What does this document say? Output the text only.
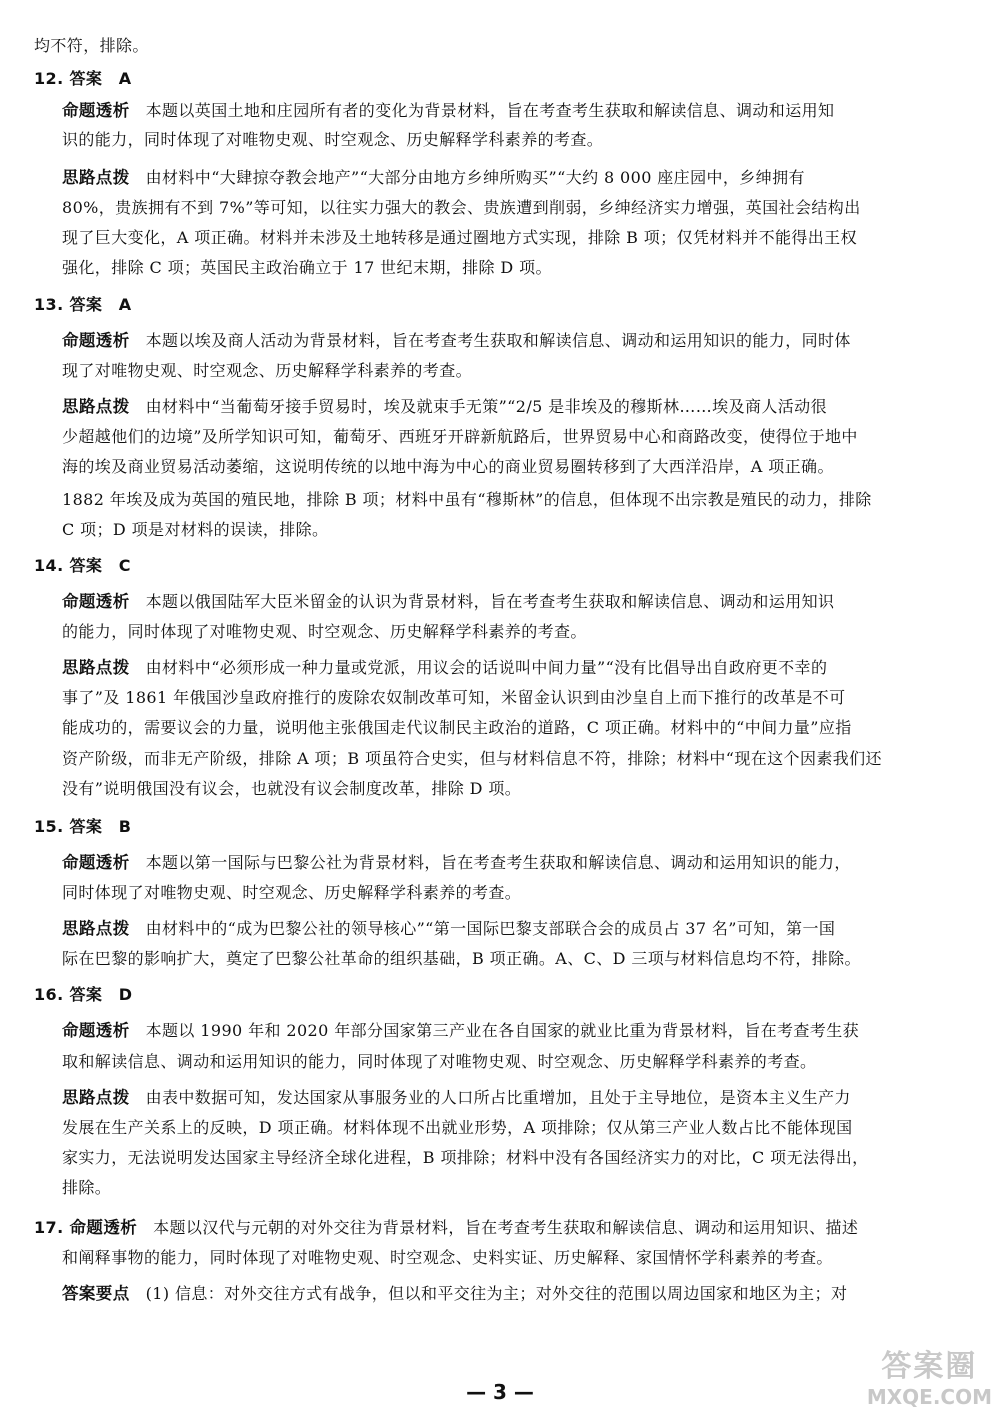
均不符，排除。
12. 答案　A
命题透析 本题以英国土地和庄园所有者的变化为背景材料，旨在考查考生获取和解读信息、调动和运用知
识的能力，同时体现了对唯物史观、时空观念、历史解释学科素养的考查。
思路点拨 由材料中“大肆掠夺教会地产”“大部分由地方乡绅所购买”“大约 8 000 座庄园中，乡绅拥有
80%，贵族拥有不到 7%”等可知，以往实力强大的教会、贵族遭到削弱，乡绅经济实力增强，英国社会结构出
现了巨大变化，A 项正确。材料并未涉及土地转移是通过圈地方式实现，排除 B 项；仅凭材料并不能得出王权
强化，排除 C 项；英国民主政治确立于 17 世纪末期，排除 D 项。
13. 答案　A
命题透析 本题以埃及商人活动为背景材料，旨在考查考生获取和解读信息、调动和运用知识的能力，同时体
现了对唯物史观、时空观念、历史解释学科素养的考查。
思路点拨 由材料中“当葡萄牙接手贸易时，埃及就束手无策”“2/5 是非埃及的穆斯林……埃及商人活动很
少超越他们的边境”及所学知识可知，葡萄牙、西班牙开辟新航路后，世界贸易中心和商路改变，使得位于地中
海的埃及商业贸易活动萎缩，这说明传统的以地中海为中心的商业贸易圈转移到了大西洋沿岸，A 项正确。
1882 年埃及成为英国的殖民地，排除 B 项；材料中虽有“穆斯林”的信息，但体现不出宗教是殖民的动力，排除
C 项；D 项是对材料的误读，排除。
14. 答案　C
命题透析 本题以俄国陆军大臣米留金的认识为背景材料，旨在考查考生获取和解读信息、调动和运用知识
的能力，同时体现了对唯物史观、时空观念、历史解释学科素养的考查。
思路点拨 由材料中“必须形成一种力量或党派，用议会的话说叫中间力量”“没有比倡导出自政府更不幸的
事了”及 1861 年俄国沙皇政府推行的废除农奴制改革可知，米留金认识到由沙皇自上而下推行的改革是不可
能成功的，需要议会的力量，说明他主张俄国走代议制民主政治的道路，C 项正确。材料中的“中间力量”应指
资产阶级，而非无产阶级，排除 A 项；B 项虽符合史实，但与材料信息不符，排除；材料中“现在这个因素我们还
没有”说明俄国没有议会，也就没有议会制度改革，排除 D 项。
15. 答案　B
命题透析 本题以第一国际与巴黎公社为背景材料，旨在考查考生获取和解读信息、调动和运用知识的能力，
同时体现了对唯物史观、时空观念、历史解释学科素养的考查。
思路点拨 由材料中的“成为巴黎公社的领导核心”“第一国际巴黎支部联合会的成员占 37 名”可知，第一国
际在巴黎的影响扩大，奠定了巴黎公社革命的组织基础，B 项正确。A、C、D 三项与材料信息均不符，排除。
16. 答案　D
命题透析 本题以 1990 年和 2020 年部分国家第三产业在各自国家的就业比重为背景材料，旨在考查考生获
取和解读信息、调动和运用知识的能力，同时体现了对唯物史观、时空观念、历史解释学科素养的考查。
思路点拨 由表中数据可知，发达国家从事服务业的人口所占比重增加，且处于主导地位，是资本主义生产力
发展在生产关系上的反映，D 项正确。材料体现不出就业形势，A 项排除；仅从第三产业人数占比不能体现国
家实力，无法说明发达国家主导经济全球化进程，B 项排除；材料中没有各国经济实力的对比，C 项无法得出，
排除。
17. 命题透析 本题以汉代与元朝的对外交往为背景材料，旨在考查考生获取和解读信息、调动和运用知识、描述
和阐释事物的能力，同时体现了对唯物史观、时空观念、史料实证、历史解释、家国情怀学科素养的考查。
答案要点 (1) 信息：对外交往方式有战争，但以和平交往为主；对外交往的范围以周边国家和地区为主；对
— 3 —
答案圈
MXQE.COM
